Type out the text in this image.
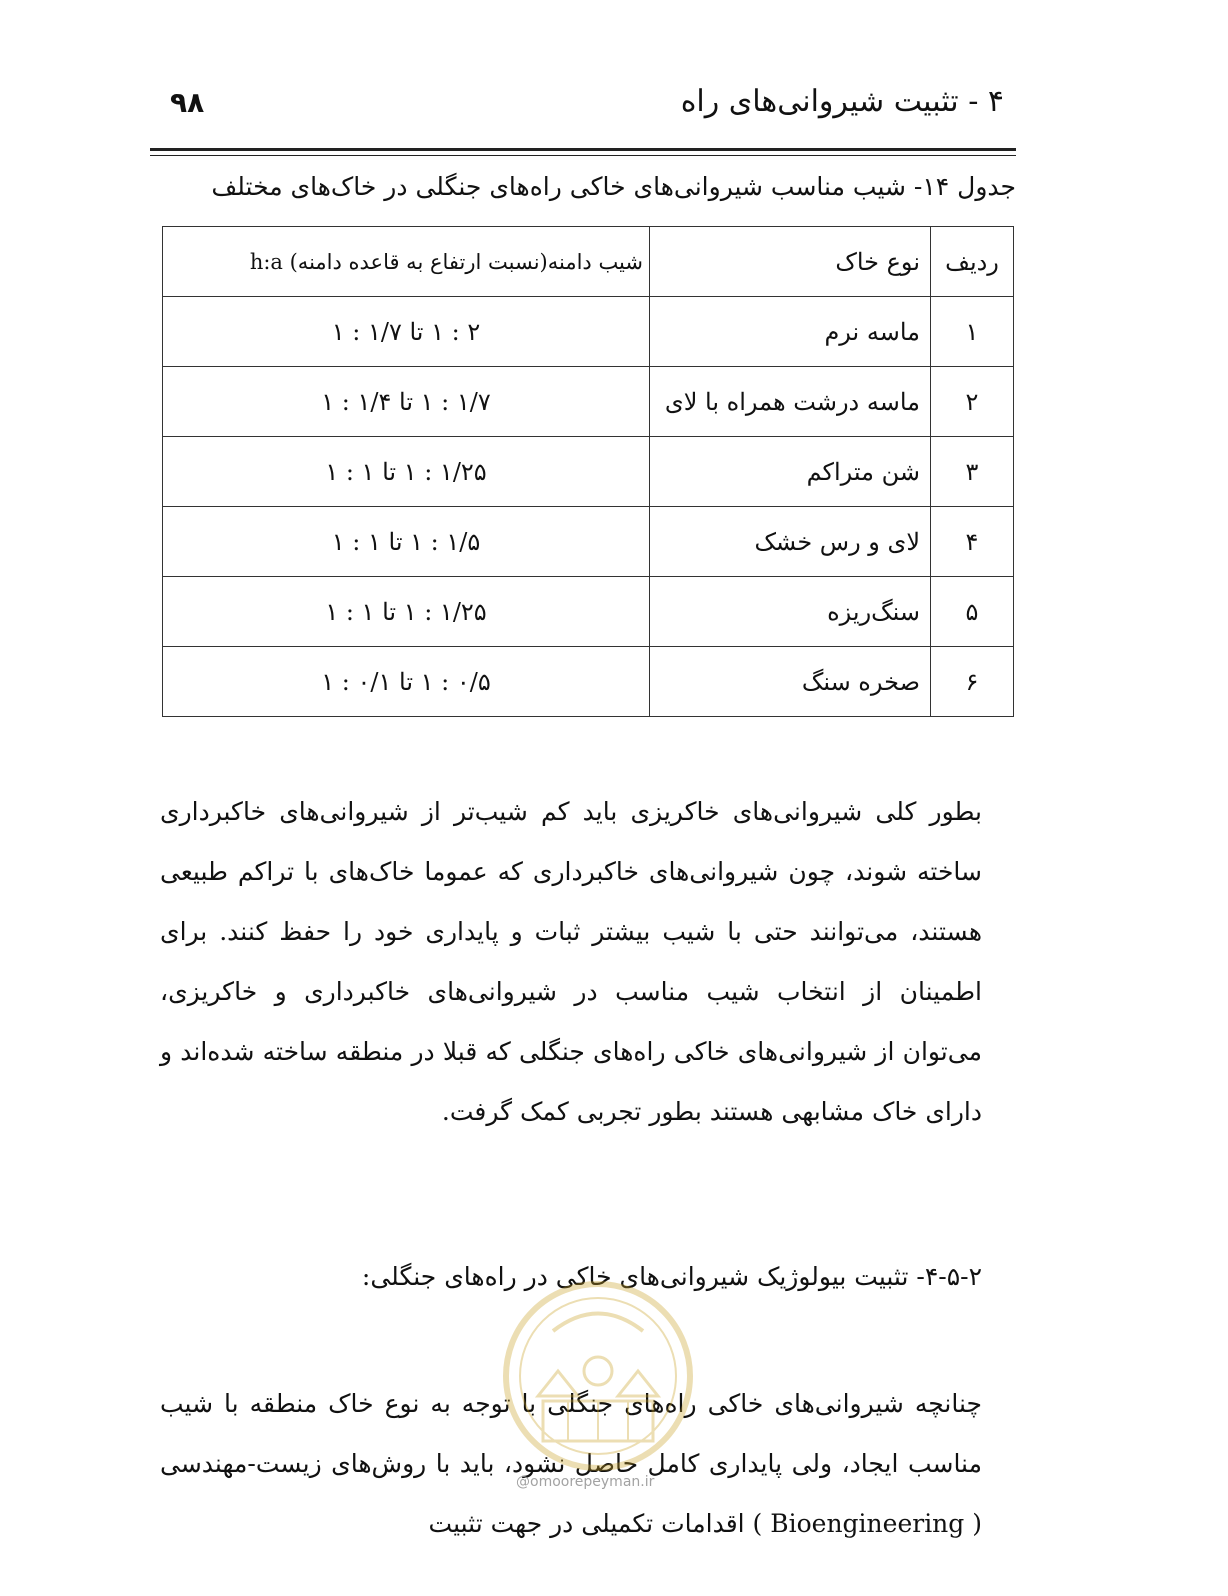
۴ - تثبیت شیروانی‌های راه
۹۸
جدول ۱۴- شیب مناسب شیروانی‌های خاکی راه‌های جنگلی در خاک‌های مختلف
ردیف	نوع خاک	شیب دامنه(نسبت ارتفاع به قاعده دامنه) h:a
۱	ماسه نرم	۲ : ۱ تا ۱/۷ : ۱
۲	ماسه درشت همراه با لای	۱/۷ : ۱ تا ۱/۴ : ۱
۳	شن متراکم	۱/۲۵ : ۱ تا ۱ : ۱
۴	لای و رس خشک	۱/۵ : ۱ تا ۱ : ۱
۵	سنگ‌ریزه	۱/۲۵ : ۱ تا ۱ : ۱
۶	صخره سنگ	۰/۵ : ۱ تا ۰/۱ : ۱

بطور کلی شیروانی‌های خاکریزی باید کم شیب‌تر از شیروانی‌های خاکبرداری ساخته شوند، چون شیروانی‌های خاکبرداری که عموما خاک‌های با تراکم طبیعی هستند، می‌توانند حتی با شیب بیشتر ثبات و پایداری خود را حفظ کنند. برای اطمینان از انتخاب شیب مناسب در شیروانی‌های خاکبرداری و خاکریزی، می‌توان از شیروانی‌های خاکی راه‌های جنگلی که قبلا در منطقه ساخته شده‌اند و دارای خاک مشابهی هستند بطور تجربی کمک گرفت.

۴-۵-۲- تثبیت بیولوژیک شیروانی‌های خاکی در راه‌های جنگلی:

چنانچه شیروانی‌های خاکی راه‌های جنگلی با توجه به نوع خاک منطقه با شیب مناسب ایجاد، ولی پایداری کامل حاصل نشود، باید با روش‌های زیست-مهندسی ( Bioengineering ) اقدامات تکمیلی در جهت تثبیت

@omoorepeyman.ir
